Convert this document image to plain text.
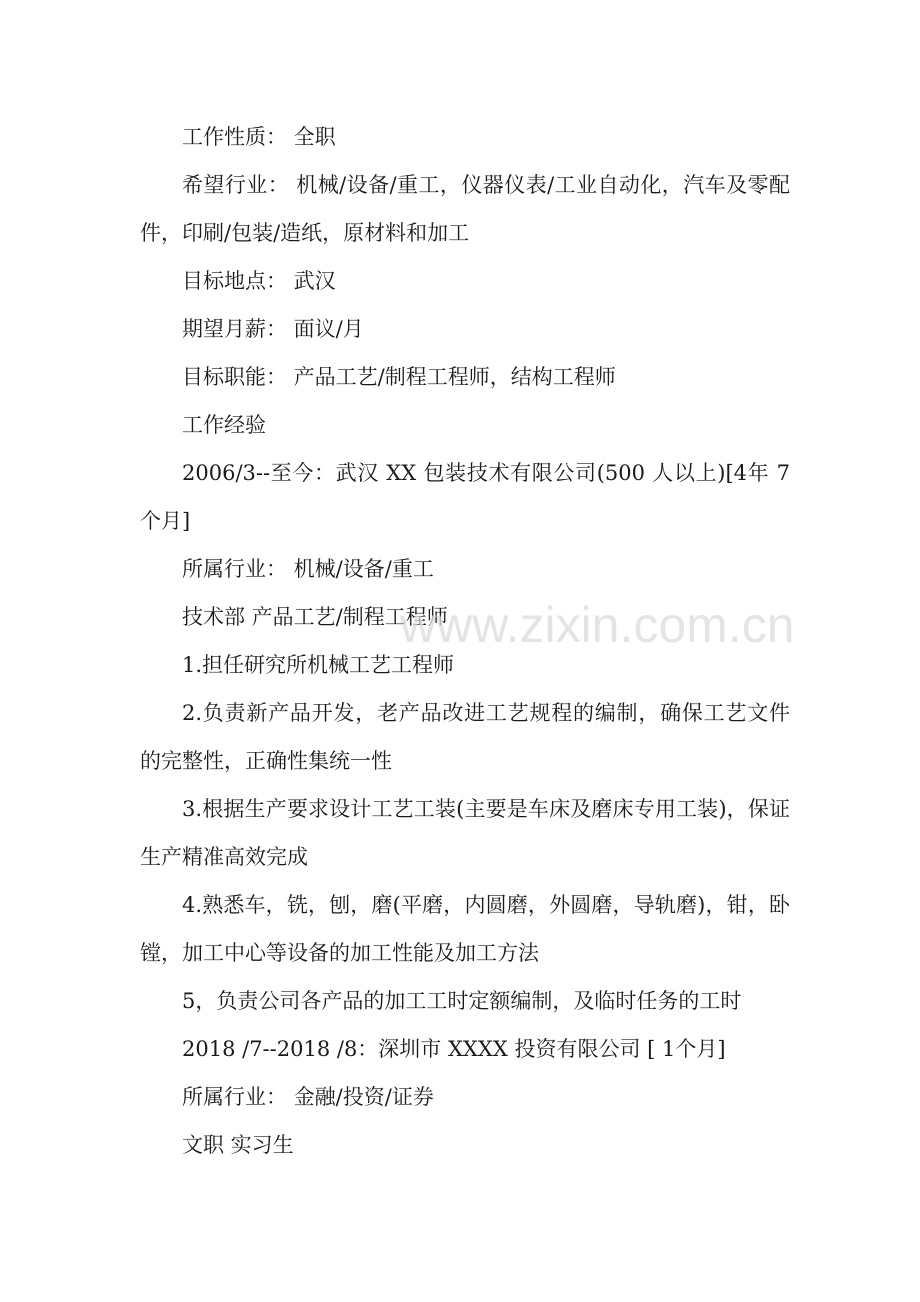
工作性质： 全职

希望行业： 机械/设备/重工，仪器仪表/工业自动化，汽车及零配件，印刷/包装/造纸，原材料和加工

目标地点： 武汉

期望月薪： 面议/月

目标职能： 产品工艺/制程工程师，结构工程师

工作经验

2006/3--至今：武汉 XX 包装技术有限公司(500 人以上)[4年 7个月]

所属行业： 机械/设备/重工

技术部 产品工艺/制程工程师

1.担任研究所机械工艺工程师

2.负责新产品开发，老产品改进工艺规程的编制，确保工艺文件的完整性，正确性集统一性

3.根据生产要求设计工艺工装(主要是车床及磨床专用工装)，保证生产精准高效完成

4.熟悉车，铣，刨，磨(平磨，内圆磨，外圆磨，导轨磨)，钳，卧镗，加工中心等设备的加工性能及加工方法

5，负责公司各产品的加工工时定额编制，及临时任务的工时

2018 /7--2018 /8：深圳市 XXXX 投资有限公司 [ 1个月]

所属行业： 金融/投资/证券

文职 实习生

www.zixin.com.cn
